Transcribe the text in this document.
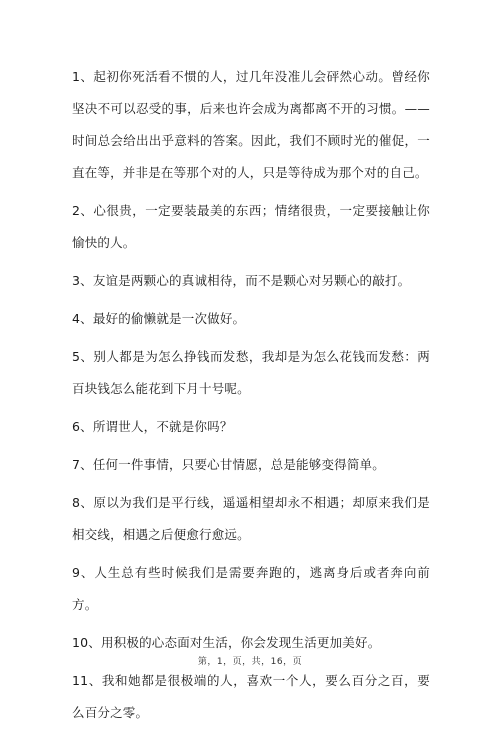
1、起初你死活看不惯的人，过几年没准儿会砰然心动。曾经你坚决不可以忍受的事，后来也许会成为离都离不开的习惯。——时间总会给出出乎意料的答案。因此，我们不顾时光的催促，一直在等，并非是在等那个对的人，只是等待成为那个对的自己。

2、心很贵，一定要装最美的东西；情绪很贵，一定要接触让你愉快的人。

3、友谊是两颗心的真诚相待，而不是颗心对另颗心的敲打。

4、最好的偷懒就是一次做好。

5、别人都是为怎么挣钱而发愁，我却是为怎么花钱而发愁：两百块钱怎么能花到下月十号呢。

6、所谓世人，不就是你吗？

7、任何一件事情，只要心甘情愿，总是能够变得简单。

8、原以为我们是平行线，遥遥相望却永不相遇；却原来我们是相交线，相遇之后便愈行愈远。

9、人生总有些时候我们是需要奔跑的，逃离身后或者奔向前方。

10、用积极的心态面对生活，你会发现生活更加美好。

11、我和她都是很极端的人，喜欢一个人，要么百分之百，要么百分之零。

第，1，页，共，16，页
